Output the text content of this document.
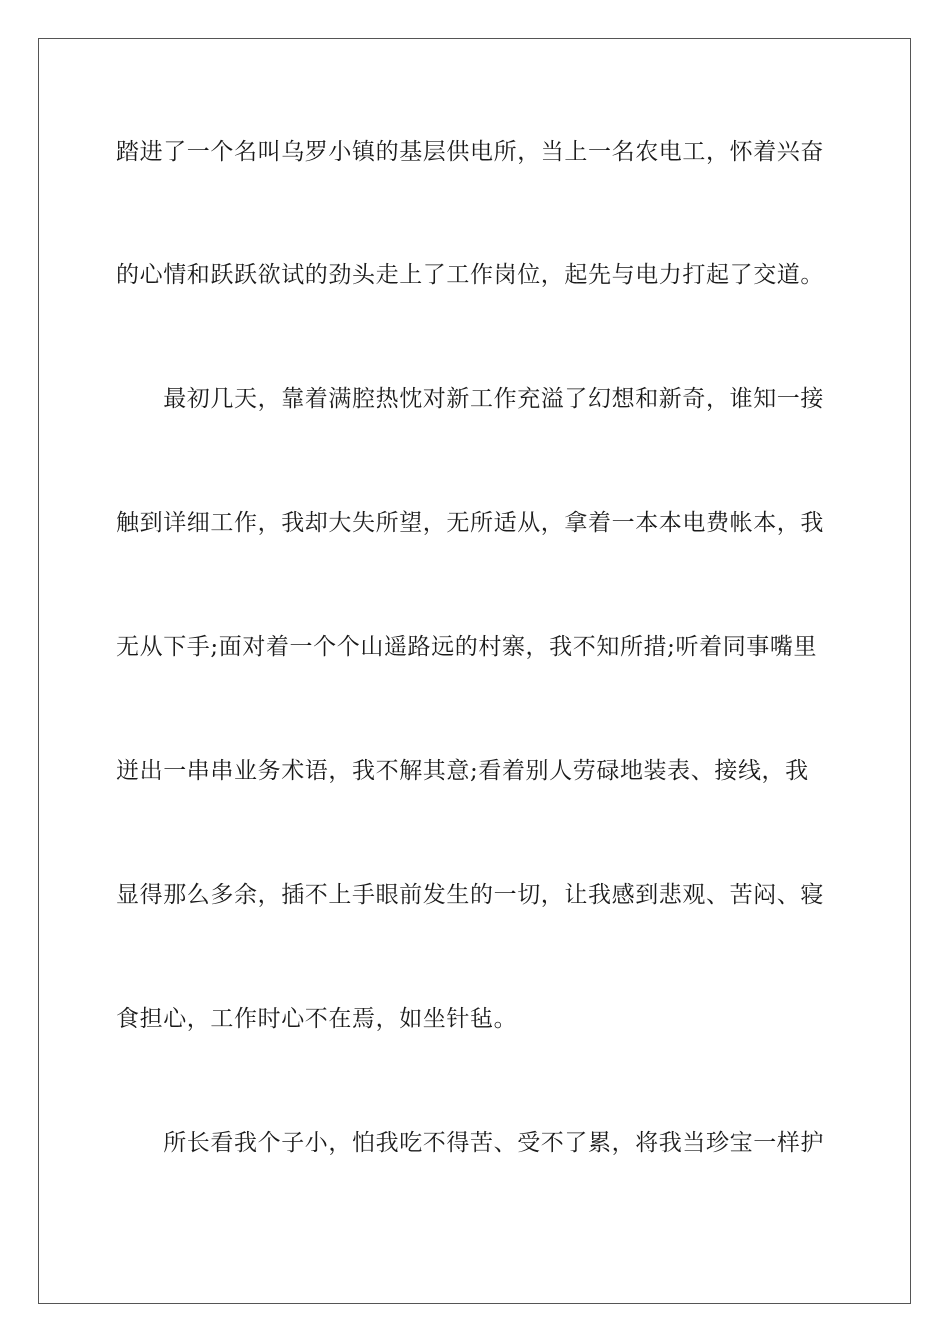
踏进了一个名叫乌罗小镇的基层供电所，当上一名农电工，怀着兴奋
的心情和跃跃欲试的劲头走上了工作岗位，起先与电力打起了交道。
　　最初几天，靠着满腔热忱对新工作充溢了幻想和新奇，谁知一接
触到详细工作，我却大失所望，无所适从，拿着一本本电费帐本，我
无从下手;面对着一个个山遥路远的村寨，我不知所措;听着同事嘴里
迸出一串串业务术语，我不解其意;看着别人劳碌地装表、接线，我
显得那么多余，插不上手眼前发生的一切，让我感到悲观、苦闷、寝
食担心，工作时心不在焉，如坐针毡。
　　所长看我个子小，怕我吃不得苦、受不了累，将我当珍宝一样护
